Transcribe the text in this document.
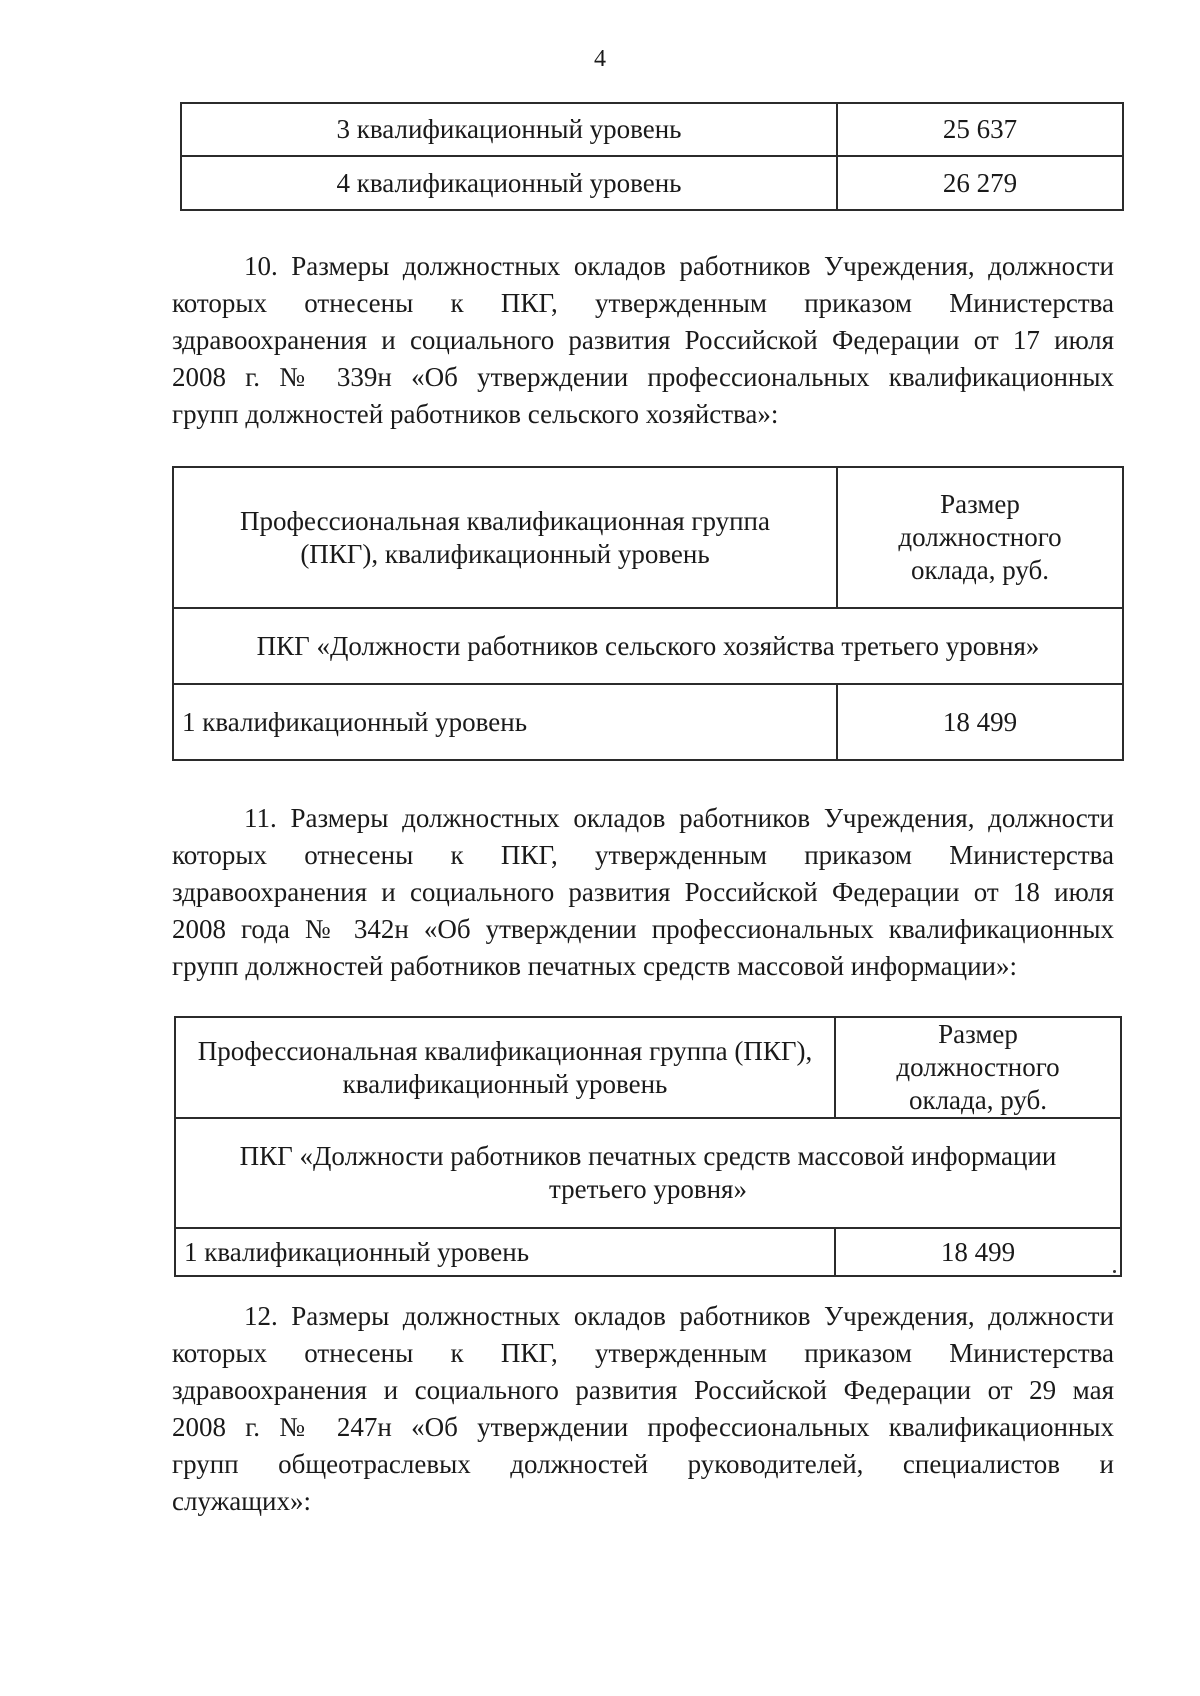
4
3 квалификационный уровень	25 637
4 квалификационный уровень	26 279
10. Размеры должностных окладов работников Учреждения, должности
которых отнесены к ПКГ, утвержденным приказом Министерства
здравоохранения и социального развития Российской Федерации от 17 июля
2008 г. № 339н «Об утверждении профессиональных квалификационных
групп должностей работников сельского хозяйства»:
Профессиональная квалификационная группа (ПКГ), квалификационный уровень	Размер должностного оклада, руб.
ПКГ «Должности работников сельского хозяйства третьего уровня»	
1 квалификационный уровень	18 499
11. Размеры должностных окладов работников Учреждения, должности
которых отнесены к ПКГ, утвержденным приказом Министерства
здравоохранения и социального развития Российской Федерации от 18 июля
2008 года № 342н «Об утверждении профессиональных квалификационных
групп должностей работников печатных средств массовой информации»:
Профессиональная квалификационная группа (ПКГ), квалификационный уровень	Размер должностного оклада, руб.
ПКГ «Должности работников печатных средств массовой информации третьего уровня»	
1 квалификационный уровень	18 499
12. Размеры должностных окладов работников Учреждения, должности
которых отнесены к ПКГ, утвержденным приказом Министерства
здравоохранения и социального развития Российской Федерации от 29 мая
2008 г. № 247н «Об утверждении профессиональных квалификационных
групп общеотраслевых должностей руководителей, специалистов и
служащих»:
